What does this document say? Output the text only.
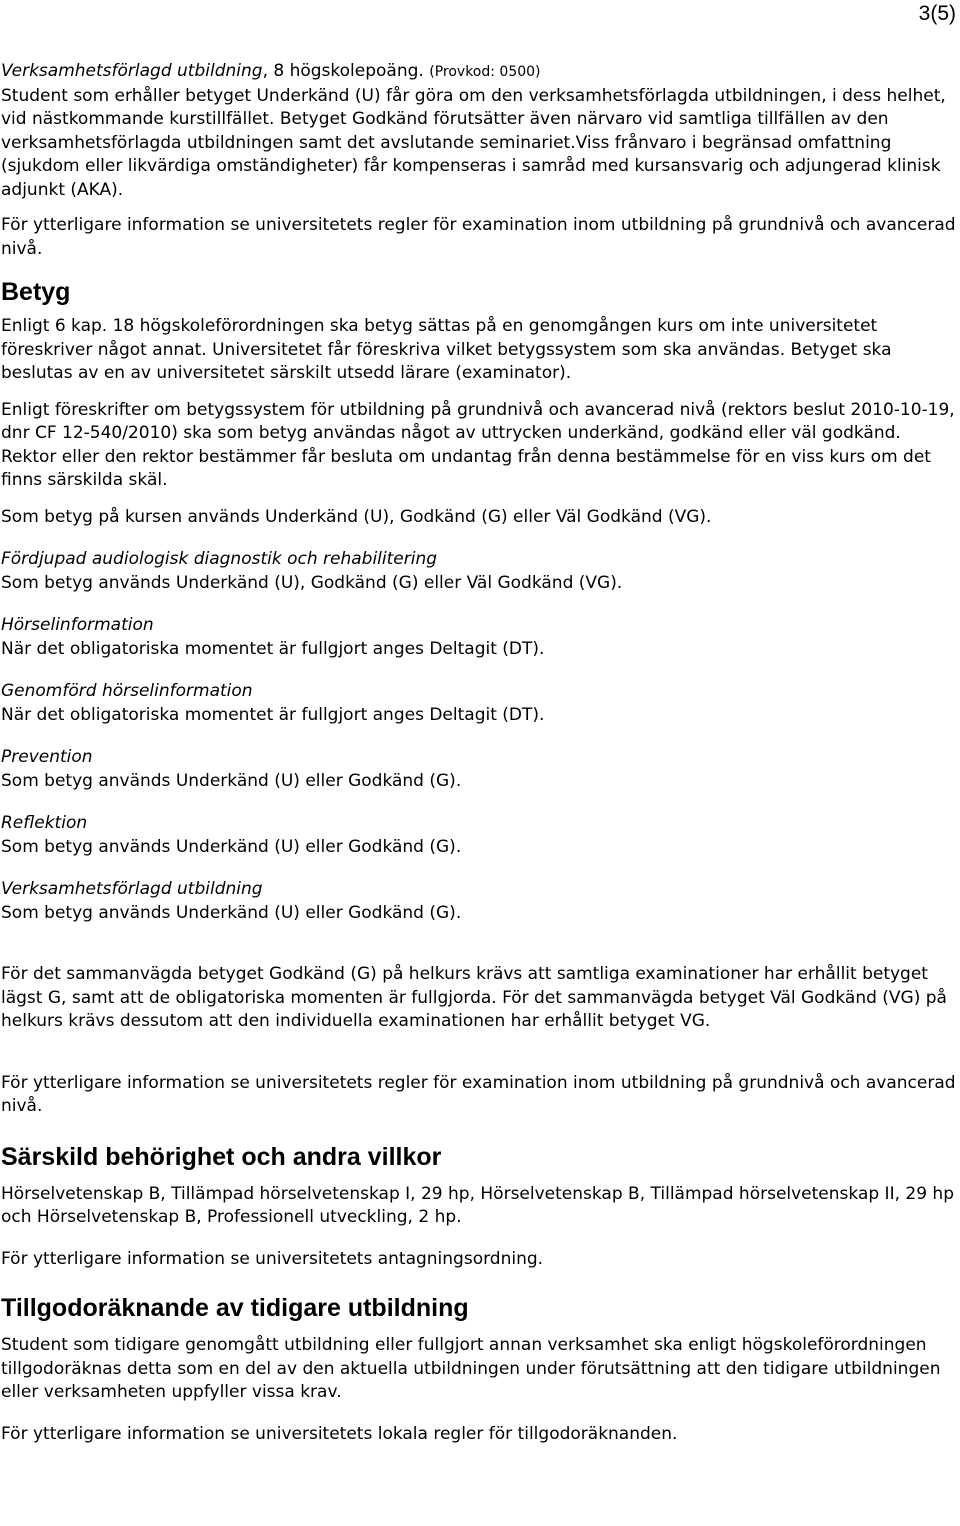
3(5)

Verksamhetsförlagd utbildning, 8 högskolepoäng. (Provkod: 0500)
Student som erhåller betyget Underkänd (U) får göra om den verksamhetsförlagda utbildningen, i dess helhet, vid nästkommande kurstillfället. Betyget Godkänd förutsätter även närvaro vid samtliga tillfällen av den verksamhetsförlagda utbildningen samt det avslutande seminariet.Viss frånvaro i begränsad omfattning (sjukdom eller likvärdiga omständigheter) får kompenseras i samråd med kursansvarig och adjungerad klinisk adjunkt (AKA).

För ytterligare information se universitetets regler för examination inom utbildning på grundnivå och avancerad nivå.

Betyg

Enligt 6 kap. 18 högskoleförordningen ska betyg sättas på en genomgången kurs om inte universitetet föreskriver något annat. Universitetet får föreskriva vilket betygssystem som ska användas. Betyget ska beslutas av en av universitetet särskilt utsedd lärare (examinator).

Enligt föreskrifter om betygssystem för utbildning på grundnivå och avancerad nivå (rektors beslut 2010-10-19, dnr CF 12-540/2010) ska som betyg användas något av uttrycken underkänd, godkänd eller väl godkänd. Rektor eller den rektor bestämmer får besluta om undantag från denna bestämmelse för en viss kurs om det finns särskilda skäl.

Som betyg på kursen används Underkänd (U), Godkänd (G) eller Väl Godkänd (VG).

Fördjupad audiologisk diagnostik och rehabilitering
Som betyg används Underkänd (U), Godkänd (G) eller Väl Godkänd (VG).
Hörselinformation
När det obligatoriska momentet är fullgjort anges Deltagit (DT).
Genomförd hörselinformation
När det obligatoriska momentet är fullgjort anges Deltagit (DT).
Prevention
Som betyg används Underkänd (U) eller Godkänd (G).
Reflektion
Som betyg används Underkänd (U) eller Godkänd (G).
Verksamhetsförlagd utbildning
Som betyg används Underkänd (U) eller Godkänd (G).

För det sammanvägda betyget Godkänd (G) på helkurs krävs att samtliga examinationer har erhållit betyget lägst G, samt att de obligatoriska momenten är fullgjorda. För det sammanvägda betyget Väl Godkänd (VG) på helkurs krävs dessutom att den individuella examinationen har erhållit betyget VG.

För ytterligare information se universitetets regler för examination inom utbildning på grundnivå och avancerad nivå.

Särskild behörighet och andra villkor

Hörselvetenskap B, Tillämpad hörselvetenskap I, 29 hp, Hörselvetenskap B, Tillämpad hörselvetenskap II, 29 hp och Hörselvetenskap B, Professionell utveckling, 2 hp.

För ytterligare information se universitetets antagningsordning.

Tillgodoräknande av tidigare utbildning

Student som tidigare genomgått utbildning eller fullgjort annan verksamhet ska enligt högskoleförordningen tillgodoräknas detta som en del av den aktuella utbildningen under förutsättning att den tidigare utbildningen eller verksamheten uppfyller vissa krav.

För ytterligare information se universitetets lokala regler för tillgodoräknanden.
